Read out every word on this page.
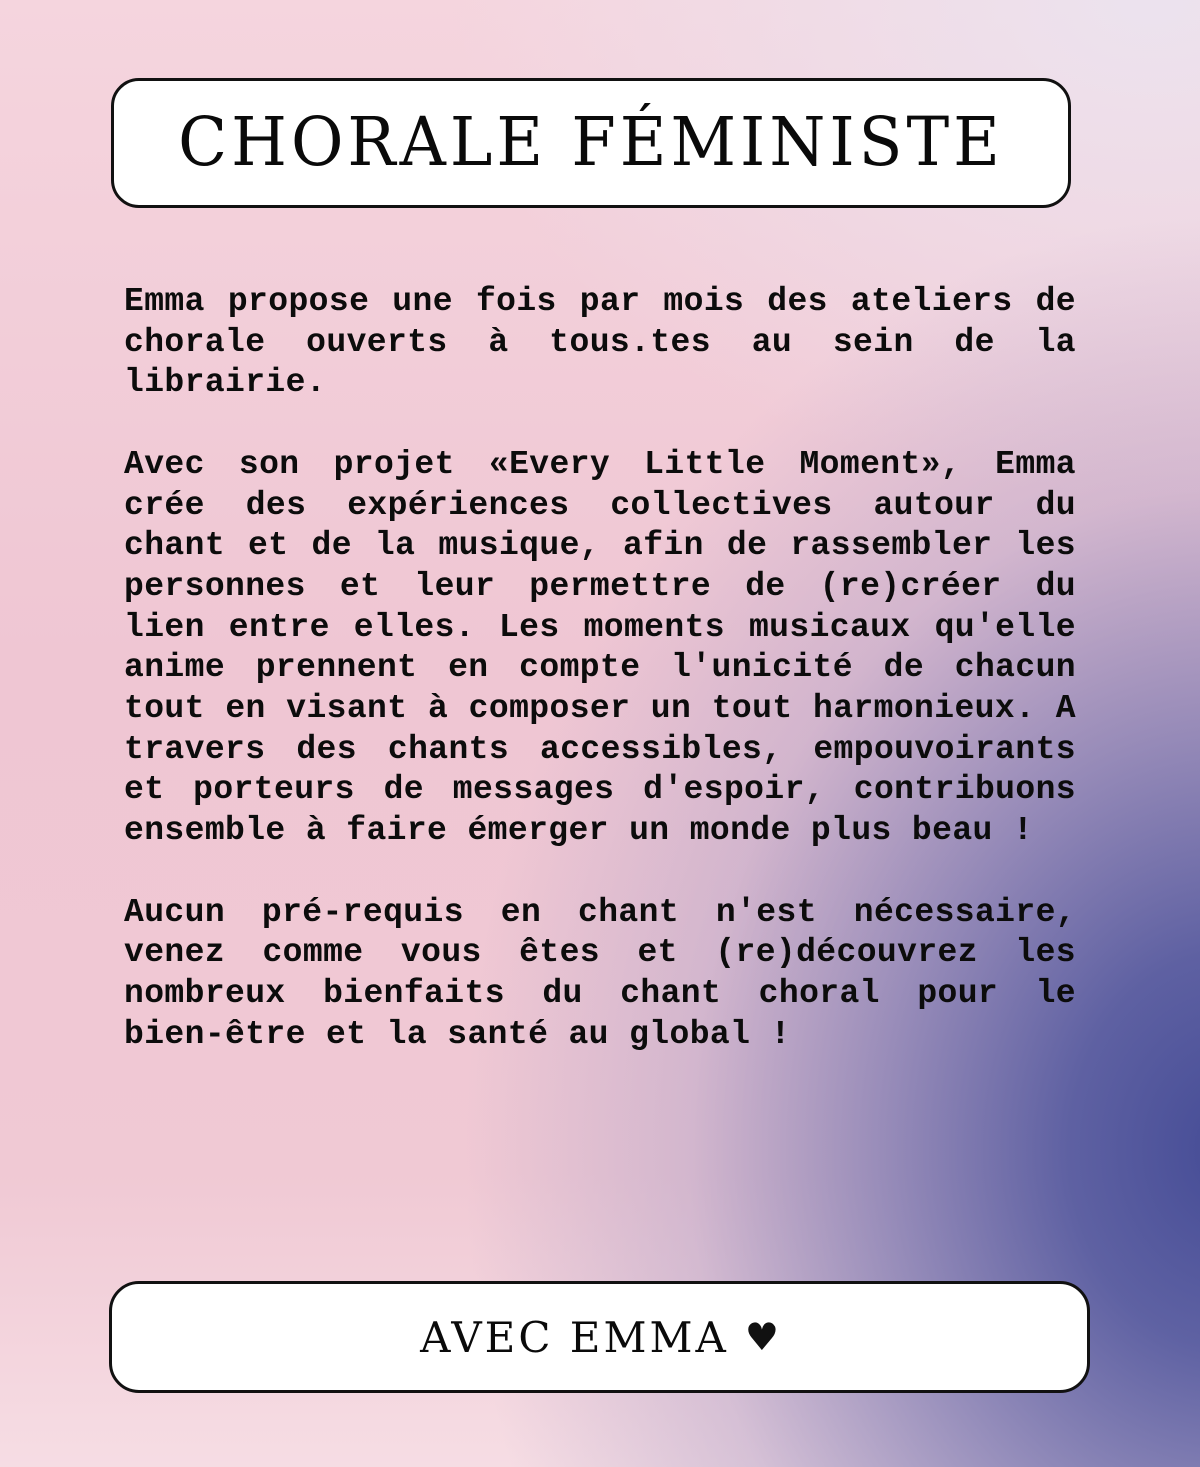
CHORALE FÉMINISTE

Emma propose une fois par mois des ateliers de chorale ouverts à tous.tes au sein de la librairie.

Avec son projet «Every Little Moment», Emma crée des expériences collectives autour du chant et de la musique, afin de rassembler les personnes et leur permettre de (re)créer du lien entre elles. Les moments musicaux qu'elle anime prennent en compte l'unicité de chacun tout en visant à composer un tout harmonieux. A travers des chants accessibles, empouvoirants et porteurs de messages d'espoir, contribuons ensemble à faire émerger un monde plus beau !

Aucun pré-requis en chant n'est nécessaire, venez comme vous êtes et (re)découvrez les nombreux bienfaits du chant choral pour le bien-être et la santé au global !

AVEC EMMA ♥
